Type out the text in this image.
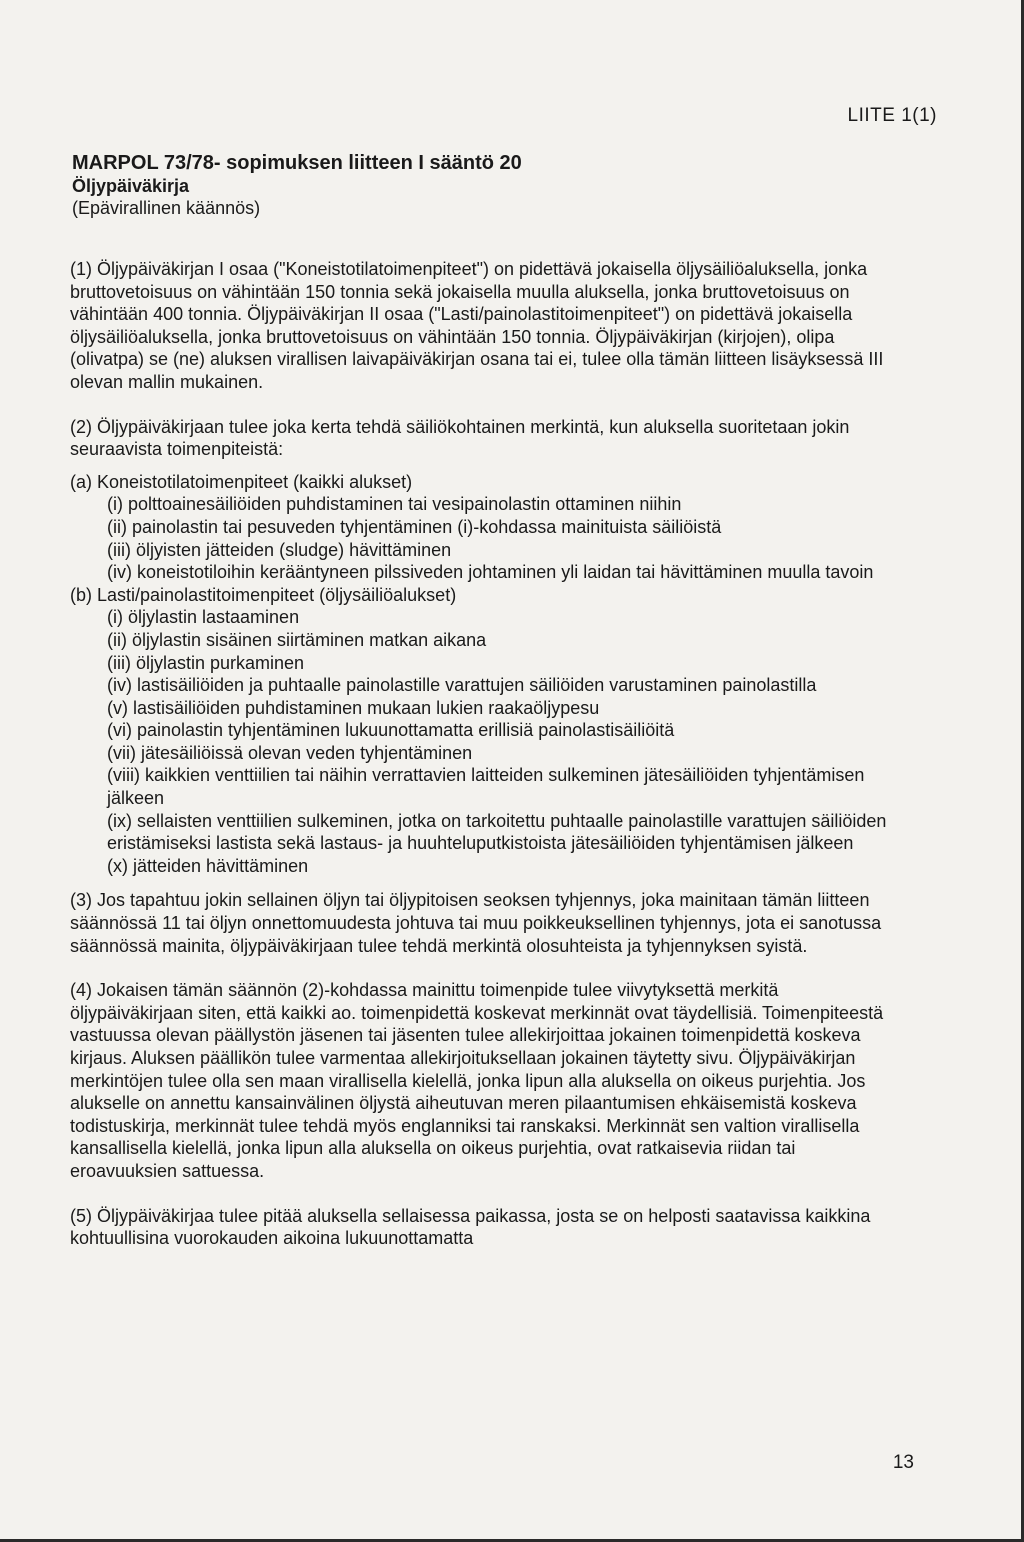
LIITE 1(1)
MARPOL 73/78- sopimuksen liitteen I sääntö 20
Öljypäiväkirja
(Epävirallinen käännös)

(1) Öljypäiväkirjan I osaa ("Koneistotilatoimenpiteet") on pidettävä jokaisella öljysäiliöaluksella, jonka bruttovetoisuus on vähintään 150 tonnia sekä jokaisella muulla aluksella, jonka bruttovetoisuus on vähintään 400 tonnia. Öljypäiväkirjan II osaa ("Lasti/painolastitoimenpiteet") on pidettävä jokaisella öljysäiliöaluksella, jonka bruttovetoisuus on vähintään 150 tonnia. Öljypäiväkirjan (kirjojen), olipa (olivatpa) se (ne) aluksen virallisen laivapäiväkirjan osana tai ei, tulee olla tämän liitteen lisäyksessä III olevan mallin mukainen.

(2) Öljypäiväkirjaan tulee joka kerta tehdä säiliökohtainen merkintä, kun aluksella suoritetaan jokin seuraavista toimenpiteistä:

(a) Koneistotilatoimenpiteet (kaikki alukset)
(i) polttoainesäiliöiden puhdistaminen tai vesipainolastin ottaminen niihin
(ii) painolastin tai pesuveden tyhjentäminen (i)-kohdassa mainituista säiliöistä
(iii) öljyisten jätteiden (sludge) hävittäminen
(iv) koneistotiloihin kerääntyneen pilssiveden johtaminen yli laidan tai hävittäminen muulla tavoin
(b) Lasti/painolastitoimenpiteet (öljysäiliöalukset)
(i) öljylastin lastaaminen
(ii) öljylastin sisäinen siirtäminen matkan aikana
(iii) öljylastin purkaminen
(iv) lastisäiliöiden ja puhtaalle painolastille varattujen säiliöiden varustaminen painolastilla
(v) lastisäiliöiden puhdistaminen mukaan lukien raakaöljypesu
(vi) painolastin tyhjentäminen lukuunottamatta erillisiä painolastisäiliöitä
(vii) jätesäiliöissä olevan veden tyhjentäminen
(viii) kaikkien venttiilien tai näihin verrattavien laitteiden sulkeminen jätesäiliöiden tyhjentämisen jälkeen
(ix) sellaisten venttiilien sulkeminen, jotka on tarkoitettu puhtaalle painolastille varattujen säiliöiden eristämiseksi lastista sekä lastaus- ja huuhteluputkistoista jätesäiliöiden tyhjentämisen jälkeen
(x) jätteiden hävittäminen

(3) Jos tapahtuu jokin sellainen öljyn tai öljypitoisen seoksen tyhjennys, joka mainitaan tämän liitteen säännössä 11 tai öljyn onnettomuudesta johtuva tai muu poikkeuksellinen tyhjennys, jota ei sanotussa säännössä mainita, öljypäiväkirjaan tulee tehdä merkintä olosuhteista ja tyhjennyksen syistä.

(4) Jokaisen tämän säännön (2)-kohdassa mainittu toimenpide tulee viivytyksettä merkitä öljypäiväkirjaan siten, että kaikki ao. toimenpidettä koskevat merkinnät ovat täydellisiä. Toimenpiteestä vastuussa olevan päällystön jäsenen tai jäsenten tulee allekirjoittaa jokainen toimenpidettä koskeva kirjaus. Aluksen päällikön tulee varmentaa allekirjoituksellaan jokainen täytetty sivu. Öljypäiväkirjan merkintöjen tulee olla sen maan virallisella kielellä, jonka lipun alla aluksella on oikeus purjehtia. Jos alukselle on annettu kansainvälinen öljystä aiheutuvan meren pilaantumisen ehkäisemistä koskeva todistuskirja, merkinnät tulee tehdä myös englanniksi tai ranskaksi. Merkinnät sen valtion virallisella kansallisella kielellä, jonka lipun alla aluksella on oikeus purjehtia, ovat ratkaisevia riidan tai eroavuuksien sattuessa.

(5) Öljypäiväkirjaa tulee pitää aluksella sellaisessa paikassa, josta se on helposti saatavissa kaikkina kohtuullisina vuorokauden aikoina lukuunottamatta

13
